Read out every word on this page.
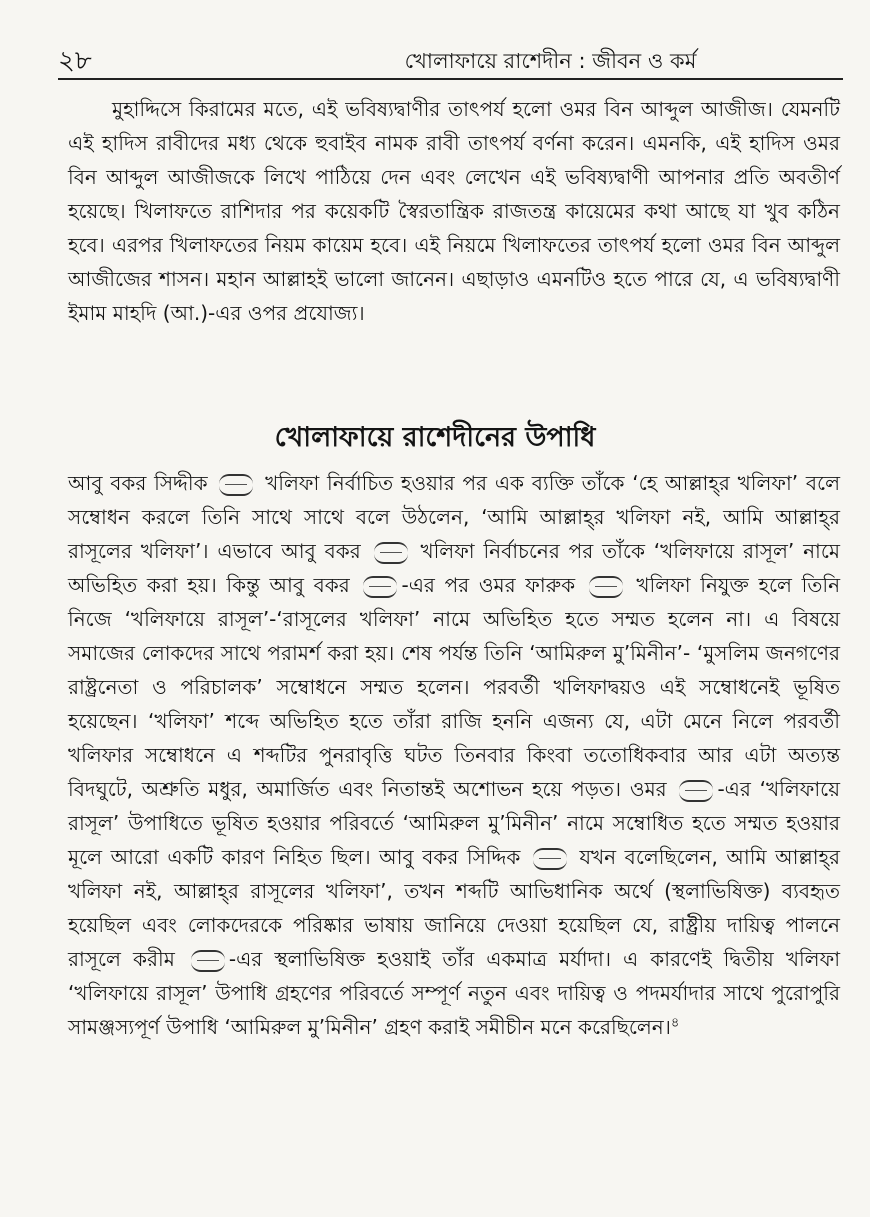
২৮	খোলাফায়ে রাশেদীন : জীবন ও কর্ম

মুহাদ্দিসে কিরামের মতে, এই ভবিষ্যদ্বাণীর তাৎপর্য হলো ওমর বিন আব্দুল আজীজ। যেমনটি এই হাদিস রাবীদের মধ্য থেকে হুবাইব নামক রাবী তাৎপর্য বর্ণনা করেন। এমনকি, এই হাদিস ওমর বিন আব্দুল আজীজকে লিখে পাঠিয়ে দেন এবং লেখেন এই ভবিষ্যদ্বাণী আপনার প্রতি অবতীর্ণ হয়েছে। খিলাফতে রাশিদার পর কয়েকটি স্বৈরতান্ত্রিক রাজতন্ত্র কায়েমের কথা আছে যা খুব কঠিন হবে। এরপর খিলাফতের নিয়ম কায়েম হবে। এই নিয়মে খিলাফতের তাৎপর্য হলো ওমর বিন আব্দুল আজীজের শাসন। মহান আল্লাহই ভালো জানেন। এছাড়াও এমনটিও হতে পারে যে, এ ভবিষ্যদ্বাণী ইমাম মাহদি (আ.)-এর ওপর প্রযোজ্য।

খোলাফায়ে রাশেদীনের উপাধি

আবু বকর সিদ্দীক	খলিফা নির্বাচিত হওয়ার পর এক ব্যক্তি তাঁকে ‘হে আল্লাহ্‌র খলিফা’ বলে সম্বোধন করলে তিনি সাথে সাথে বলে উঠলেন, ‘আমি আল্লাহ্‌র খলিফা নই, আমি আল্লাহ্‌র রাসূলের খলিফা’। এভাবে আবু বকর	খলিফা নির্বাচনের পর তাঁকে ‘খলিফায়ে রাসূল’ নামে অভিহিত করা হয়। কিন্তু আবু বকর	-এর পর ওমর ফারুক	খলিফা নিযুক্ত হলে তিনি নিজে ‘খলিফায়ে রাসূল’-‘রাসূলের খলিফা’ নামে অভিহিত হতে সম্মত হলেন না। এ বিষয়ে সমাজের লোকদের সাথে পরামর্শ করা হয়। শেষ পর্যন্ত তিনি ‘আমিরুল মু’মিনীন’- ‘মুসলিম জনগণের রাষ্ট্রনেতা ও পরিচালক’ সম্বোধনে সম্মত হলেন। পরবর্তী খলিফাদ্বয়ও এই সম্বোধনেই ভূষিত হয়েছেন। ‘খলিফা’ শব্দে অভিহিত হতে তাঁরা রাজি হননি এজন্য যে, এটা মেনে নিলে পরবর্তী খলিফার সম্বোধনে এ শব্দটির পুনরাবৃত্তি ঘটত তিনবার কিংবা ততোধিকবার আর এটা অত্যন্ত বিদঘুটে, অশ্রুতি মধুর, অমার্জিত এবং নিতান্তই অশোভন হয়ে পড়ত। ওমর	-এর ‘খলিফায়ে রাসূল’ উপাধিতে ভূষিত হওয়ার পরিবর্তে ‘আমিরুল মু’মিনীন’ নামে সম্বোধিত হতে সম্মত হওয়ার মূলে আরো একটি কারণ নিহিত ছিল। আবু বকর সিদ্দিক	যখন বলেছিলেন, আমি আল্লাহ্‌র খলিফা নই, আল্লাহ্‌র রাসূলের খলিফা’, তখন শব্দটি আভিধানিক অর্থে (স্থলাভিষিক্ত) ব্যবহৃত হয়েছিল এবং লোকদেরকে পরিষ্কার ভাষায় জানিয়ে দেওয়া হয়েছিল যে, রাষ্ট্রীয় দায়িত্ব পালনে রাসূলে করীম	-এর স্থলাভিষিক্ত হওয়াই তাঁর একমাত্র মর্যাদা। এ কারণেই দ্বিতীয় খলিফা ‘খলিফায়ে রাসূল’ উপাধি গ্রহণের পরিবর্তে সম্পূর্ণ নতুন এবং দায়িত্ব ও পদমর্যাদার সাথে পুরোপুরি সামঞ্জস্যপূর্ণ উপাধি ‘আমিরুল মু’মিনীন’ গ্রহণ করাই সমীচীন মনে করেছিলেন।$^৪$
